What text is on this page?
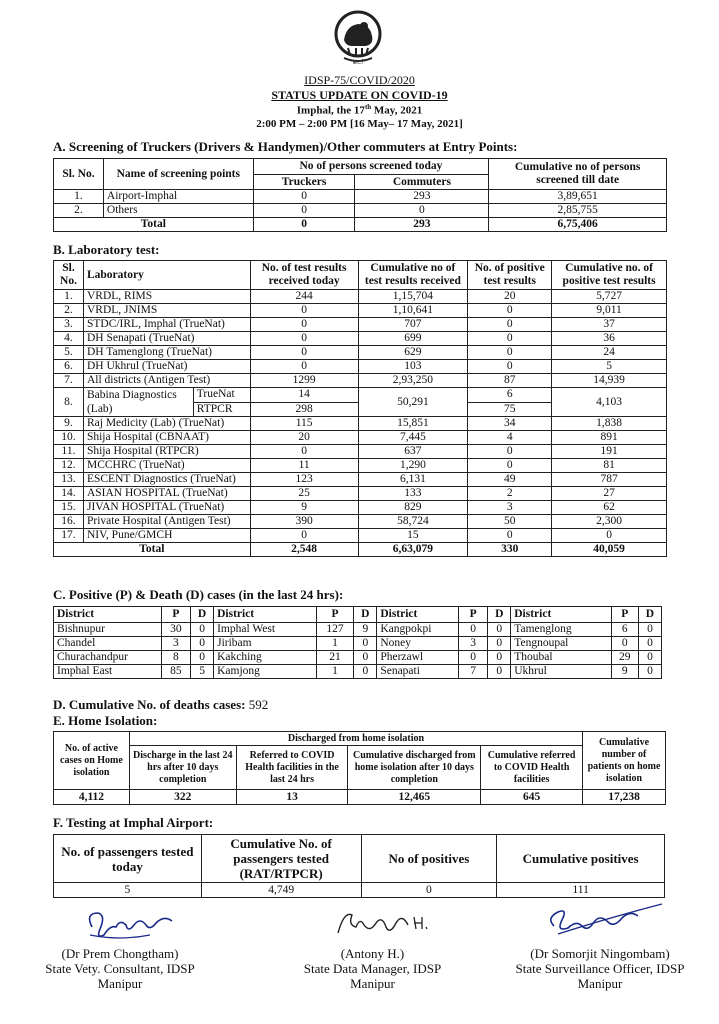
ꯃꯅꯤ
IDSP-75/COVID/2020
STATUS UPDATE ON COVID-19
Imphal, the 17th May, 2021
2:00 PM – 2:00 PM [16 May– 17 May, 2021]
A. Screening of Truckers (Drivers & Handymen)/Other commuters at Entry Points:
Sl. No.	Name of screening points	No of persons screened today		Cumulative no of persons screened till date
		Truckers	Commuters	
1.	Airport-Imphal	0	293	3,89,651
2.	Others	0	0	2,85,755
Total		0	293	6,75,406
B. Laboratory test:
Sl. No.	Laboratory		No. of test results received today	Cumulative no of test results received	No. of positive test results	Cumulative no. of positive test results
1.	VRDL, RIMS		244	1,15,704	20	5,727
2.	VRDL, JNIMS		0	1,10,641	0	9,011
3.	STDC/IRL, Imphal (TrueNat)		0	707	0	37
4.	DH Senapati (TrueNat)		0	699	0	36
5.	DH Tamenglong (TrueNat)		0	629	0	24
6.	DH Ukhrul (TrueNat)		0	103	0	5
7.	All districts (Antigen Test)		1299	2,93,250	87	14,939
8.	Babina Diagnostics
(Lab)	TrueNat	14	50,291	6	4,103
		RTPCR	298		75	
9.	Raj Medicity (Lab) (TrueNat)		115	15,851	34	1,838
10.	Shija Hospital (CBNAAT)		20	7,445	4	891
11.	Shija Hospital (RTPCR)		0	637	0	191
12.	MCCHRC (TrueNat)		11	1,290	0	81
13.	ESCENT Diagnostics (TrueNat)		123	6,131	49	787
14.	ASIAN HOSPITAL (TrueNat)		25	133	2	27
15.	JIVAN HOSPITAL (TrueNat)		9	829	3	62
16.	Private Hospital (Antigen Test)		390	58,724	50	2,300
17.	NIV, Pune/GMCH		0	15	0	0
Total			2,548	6,63,079	330	40,059
C. Positive (P) & Death (D) cases (in the last 24 hrs):
District	P	D	District	P	D	District	P	D	District	P	D
Bishnupur	30	0	Imphal West	127	9	Kangpokpi	0	0	Tamenglong	6	0
Chandel	3	0	Jiribam	1	0	Noney	3	0	Tengnoupal	0	0
Churachandpur	8	0	Kakching	21	0	Pherzawl	0	0	Thoubal	29	0
Imphal East	85	5	Kamjong	1	0	Senapati	7	0	Ukhrul	9	0
D. Cumulative No. of deaths cases: 592
E. Home Isolation:
No. of active cases on Home isolation	Discharged from home isolation				Cumulative number of patients on home isolation
	Discharge in the last 24 hrs after 10 days completion	Referred to COVID Health facilities in the last 24 hrs	Cumulative discharged from home isolation after 10 days completion	Cumulative referred to COVID Health facilities	
4,112	322	13	12,465	645	17,238
F. Testing at Imphal Airport:
No. of passengers tested today	Cumulative No. of passengers tested (RAT/RTPCR)	No of positives	Cumulative positives
5	4,749	0	111
(Dr Prem Chongtham)
State Vety. Consultant, IDSP
Manipur
(Antony H.)
State Data Manager, IDSP
Manipur
(Dr Somorjit Ningombam)
State Surveillance Officer, IDSP
Manipur
